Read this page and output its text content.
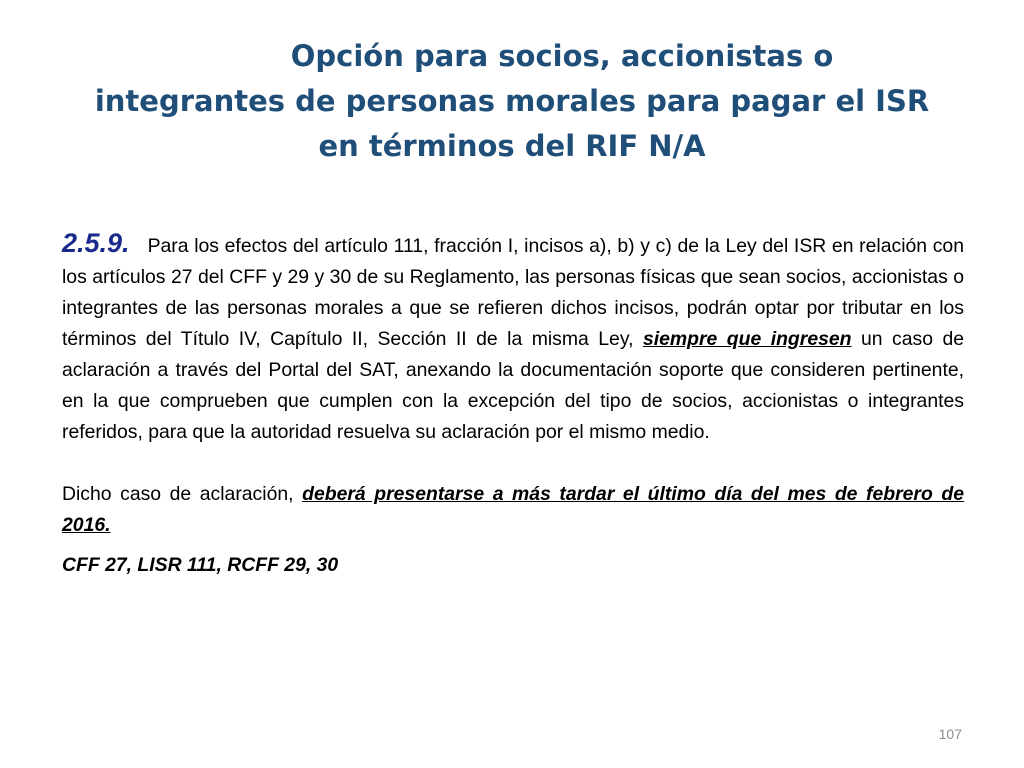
Opción para socios, accionistas o
integrantes de personas morales para pagar el ISR
en términos del RIF N/A

2.5.9. Para los efectos del artículo 111, fracción I, incisos a), b) y c) de la Ley del ISR en relación con los artículos 27 del CFF y 29 y 30 de su Reglamento, las personas físicas que sean socios, accionistas o integrantes de las personas morales a que se refieren dichos incisos, podrán optar por tributar en los términos del Título IV, Capítulo II, Sección II de la misma Ley, siempre que ingresen un caso de aclaración a través del Portal del SAT, anexando la documentación soporte que consideren pertinente, en la que comprueben que cumplen con la excepción del tipo de socios, accionistas o integrantes referidos, para que la autoridad resuelva su aclaración por el mismo medio.

Dicho caso de aclaración, deberá presentarse a más tardar el último día del mes de febrero de 2016.

CFF 27, LISR 111, RCFF 29, 30

107
